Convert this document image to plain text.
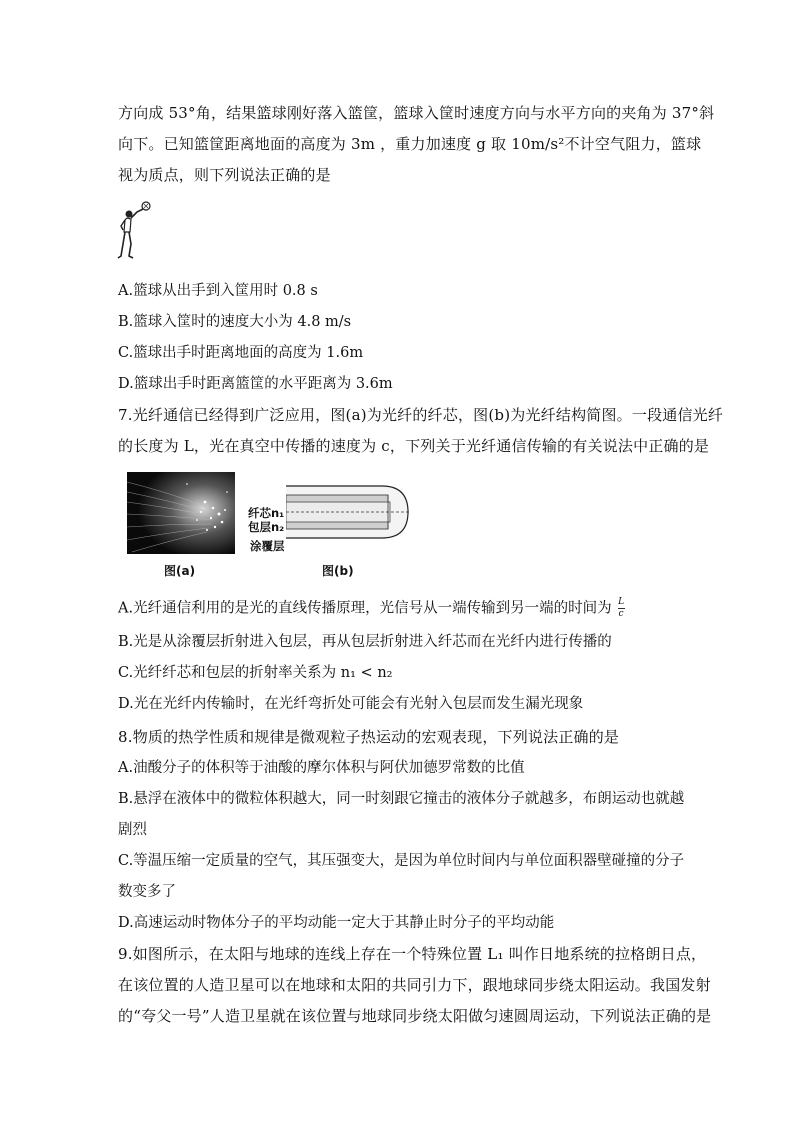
方向成 53°角，结果篮球刚好落入篮筐，篮球入筐时速度方向与水平方向的夹角为 37°斜
向下。已知篮筐距离地面的高度为 3m ，重力加速度 g 取 10m/s²不计空气阻力，篮球
视为质点，则下列说法正确的是
A.篮球从出手到入筐用时 0.8 s
B.篮球入筐时的速度大小为 4.8 m/s
C.篮球出手时距离地面的高度为 1.6m
D.篮球出手时距离篮筐的水平距离为 3.6m
7.光纤通信已经得到广泛应用，图(a)为光纤的纤芯，图(b)为光纤结构简图。一段通信光纤
的长度为 L，光在真空中传播的速度为 c，下列关于光纤通信传输的有关说法中正确的是
图(a)
纤芯n₁
包层n₂
涂覆层
图(b)
A.光纤通信利用的是光的直线传播原理，光信号从一端传输到另一端的时间为 $\frac{L}{c}$
B.光是从涂覆层折射进入包层，再从包层折射进入纤芯而在光纤内进行传播的
C.光纤纤芯和包层的折射率关系为 n₁ < n₂
D.光在光纤内传输时，在光纤弯折处可能会有光射入包层而发生漏光现象
8.物质的热学性质和规律是微观粒子热运动的宏观表现，下列说法正确的是
A.油酸分子的体积等于油酸的摩尔体积与阿伏加德罗常数的比值
B.悬浮在液体中的微粒体积越大，同一时刻跟它撞击的液体分子就越多，布朗运动也就越
剧烈
C.等温压缩一定质量的空气，其压强变大，是因为单位时间内与单位面积器壁碰撞的分子
数变多了
D.高速运动时物体分子的平均动能一定大于其静止时分子的平均动能
9.如图所示，在太阳与地球的连线上存在一个特殊位置 L₁ 叫作日地系统的拉格朗日点，
在该位置的人造卫星可以在地球和太阳的共同引力下，跟地球同步绕太阳运动。我国发射
的“夸父一号”人造卫星就在该位置与地球同步绕太阳做匀速圆周运动，下列说法正确的是
